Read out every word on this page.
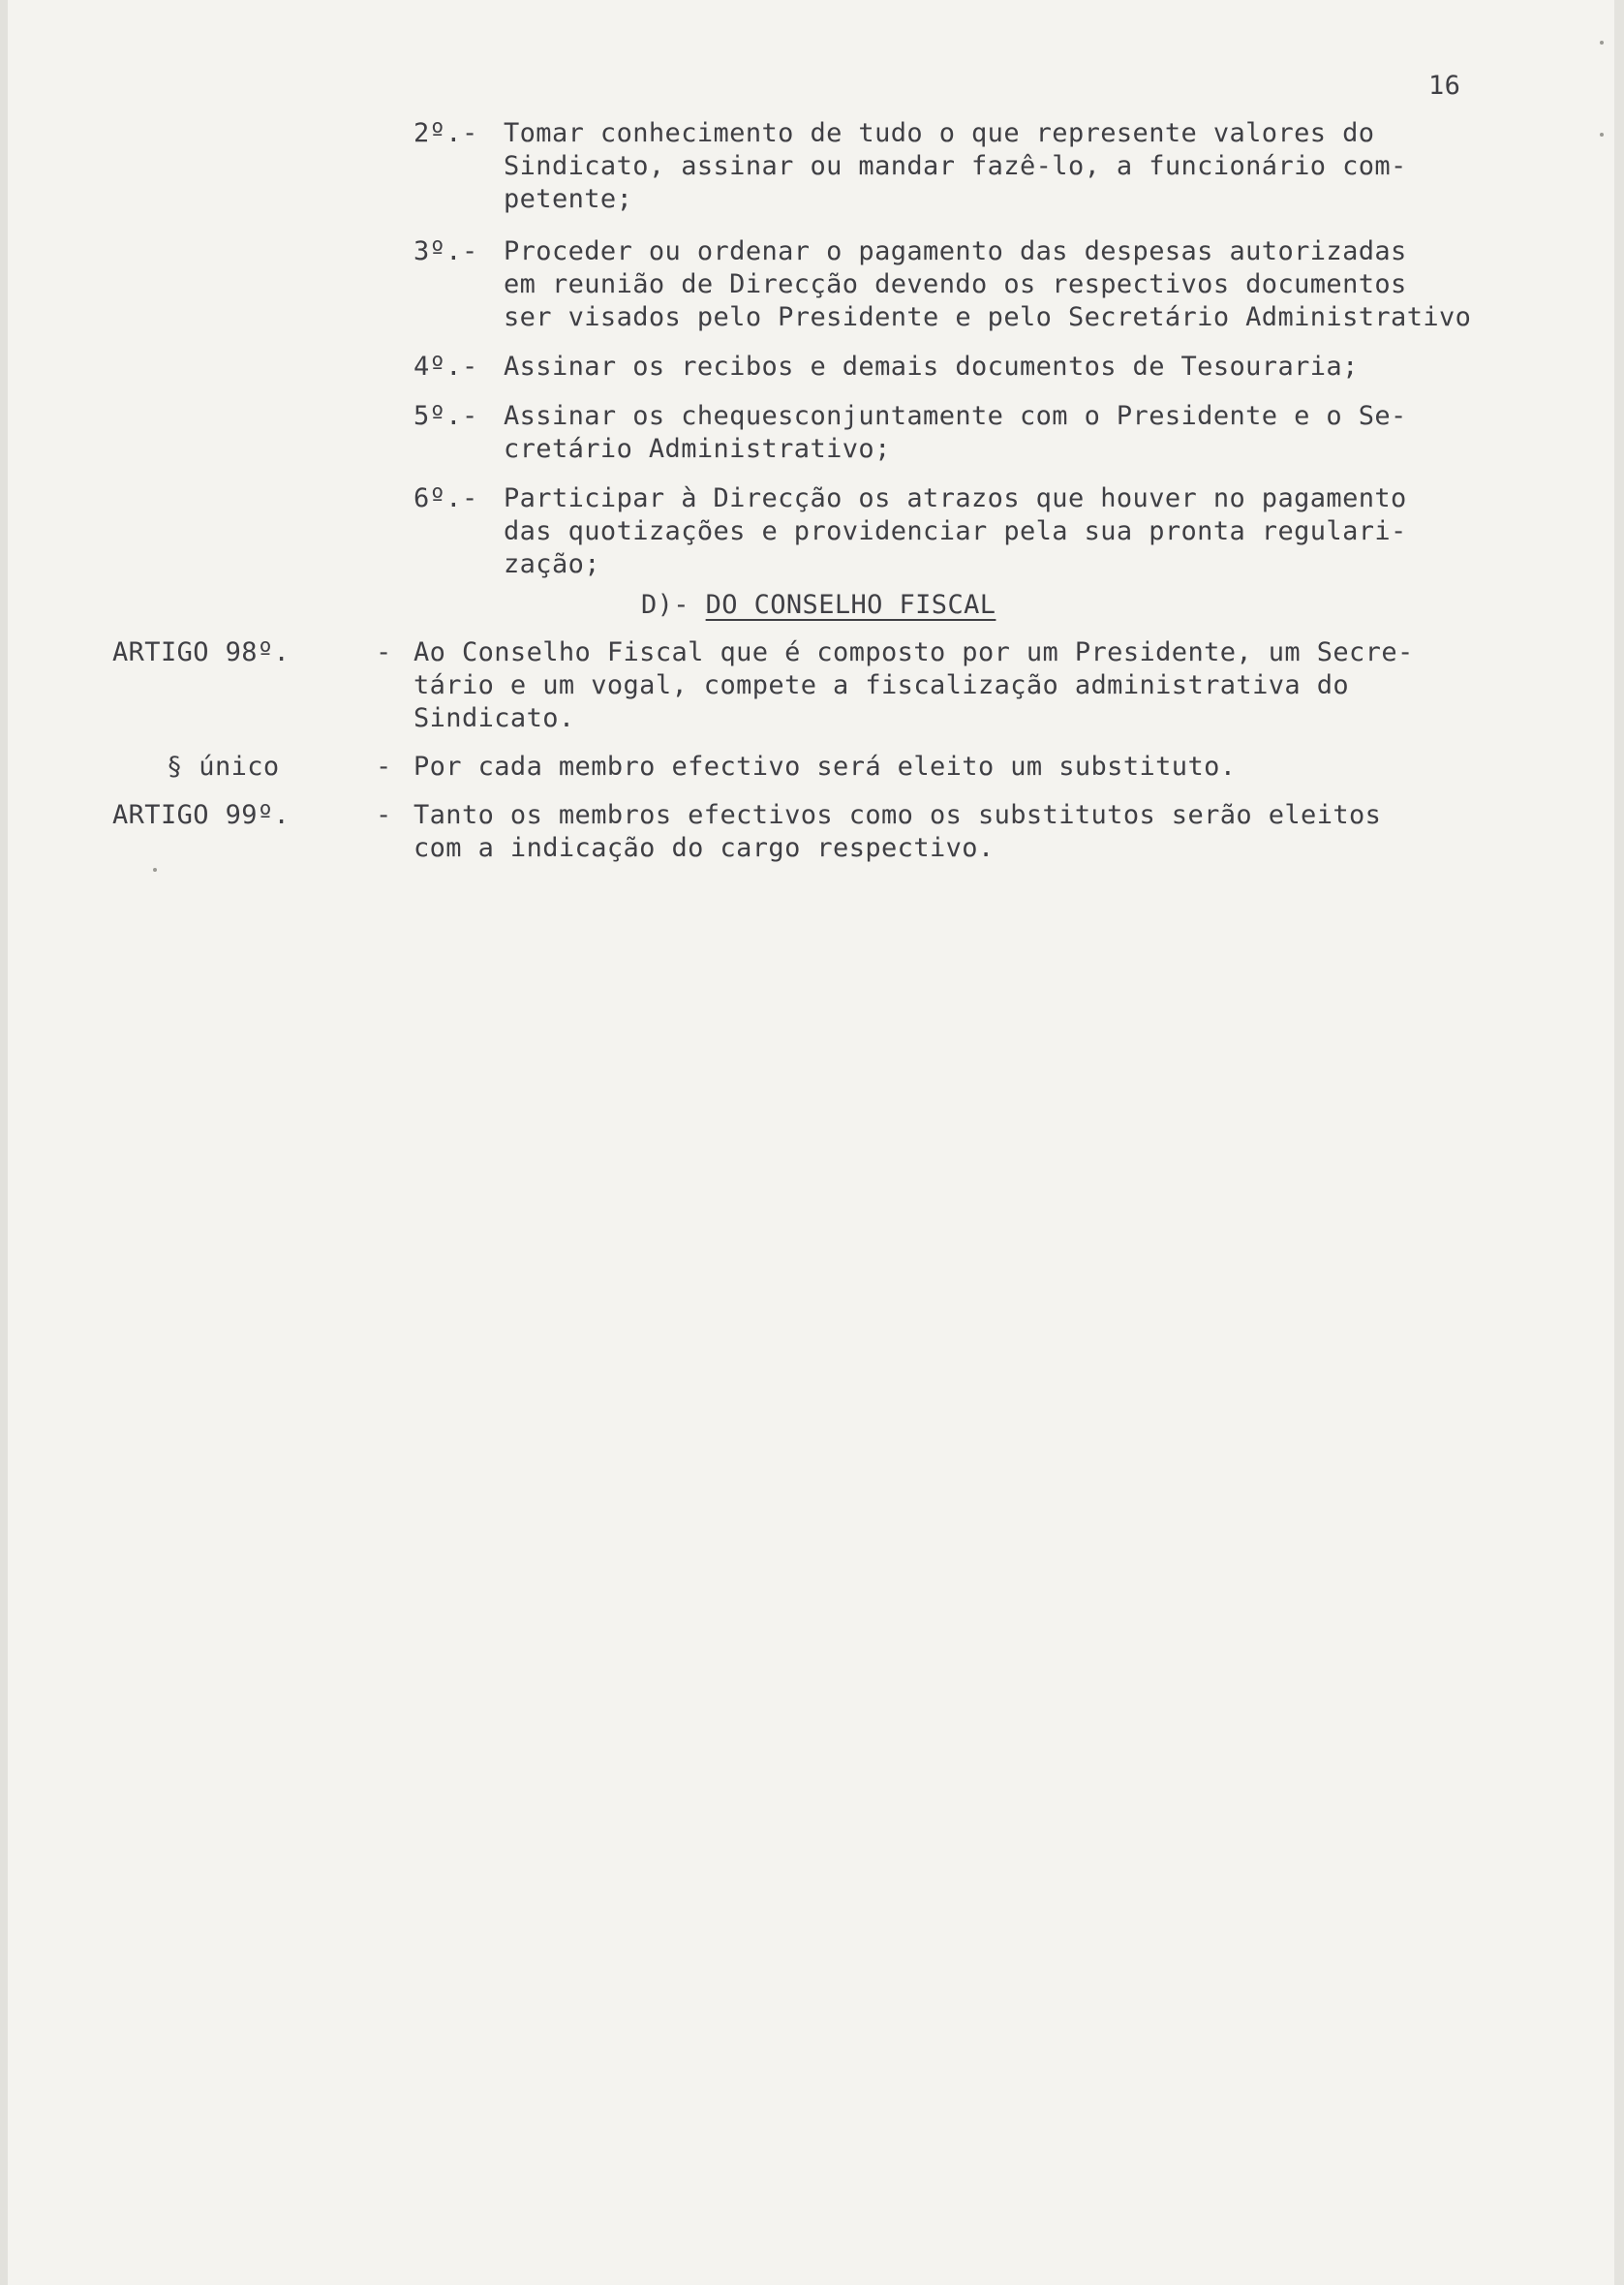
16
2º.- Tomar conhecimento de tudo o que represente valores do
Sindicato, assinar ou mandar fazê-lo, a funcionário com-
petente;
3º.- Proceder ou ordenar o pagamento das despesas autorizadas
em reunião de Direcção devendo os respectivos documentos
ser visados pelo Presidente e pelo Secretário Administrativo
4º.- Assinar os recibos e demais documentos de Tesouraria;
5º.- Assinar os chequesconjuntamente com o Presidente e o Se-
cretário Administrativo;
6º.- Participar à Direcção os atrazos que houver no pagamento
das quotizações e providenciar pela sua pronta regulari-
zação;
D)- DO CONSELHO FISCAL
ARTIGO 98º.	- Ao Conselho Fiscal que é composto por um Presidente, um Secre-
tário e um vogal, compete a fiscalização administrativa do
Sindicato.
§ único	- Por cada membro efectivo será eleito um substituto.
ARTIGO 99º.	- Tanto os membros efectivos como os substitutos serão eleitos
com a indicação do cargo respectivo.
